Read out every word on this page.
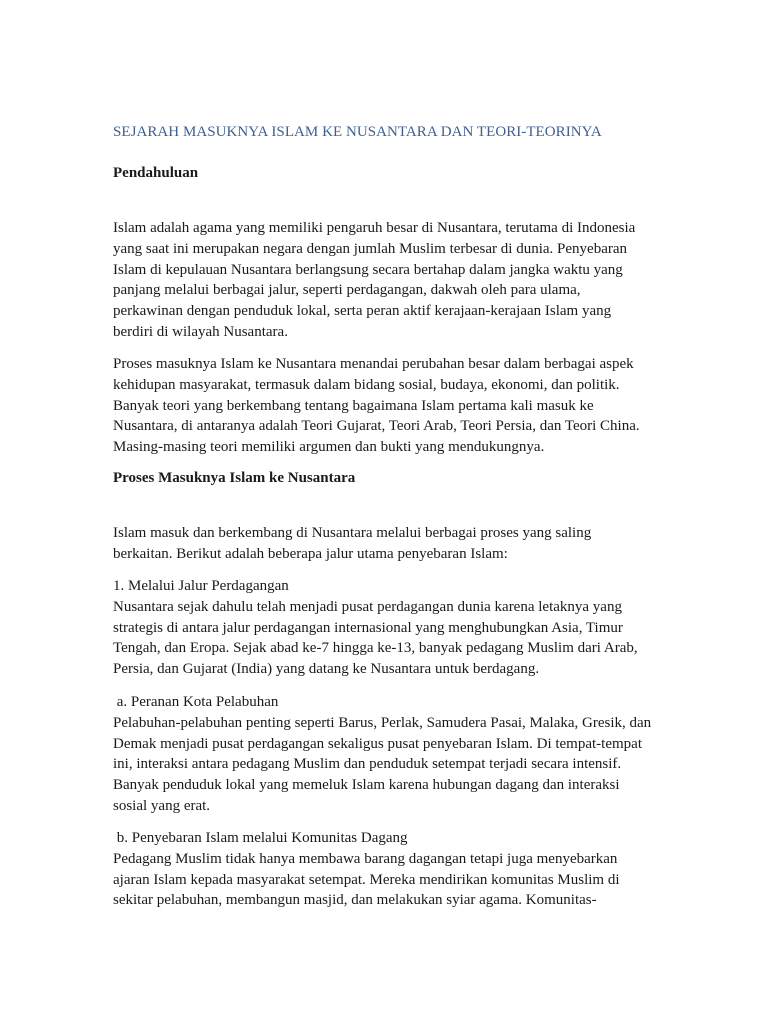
SEJARAH MASUKNYA ISLAM KE NUSANTARA DAN TEORI-TEORINYA
Pendahuluan
Islam adalah agama yang memiliki pengaruh besar di Nusantara, terutama di Indonesia
yang saat ini merupakan negara dengan jumlah Muslim terbesar di dunia. Penyebaran
Islam di kepulauan Nusantara berlangsung secara bertahap dalam jangka waktu yang
panjang melalui berbagai jalur, seperti perdagangan, dakwah oleh para ulama,
perkawinan dengan penduduk lokal, serta peran aktif kerajaan-kerajaan Islam yang
berdiri di wilayah Nusantara.
Proses masuknya Islam ke Nusantara menandai perubahan besar dalam berbagai aspek
kehidupan masyarakat, termasuk dalam bidang sosial, budaya, ekonomi, dan politik.
Banyak teori yang berkembang tentang bagaimana Islam pertama kali masuk ke
Nusantara, di antaranya adalah Teori Gujarat, Teori Arab, Teori Persia, dan Teori China.
Masing-masing teori memiliki argumen dan bukti yang mendukungnya.
Proses Masuknya Islam ke Nusantara
Islam masuk dan berkembang di Nusantara melalui berbagai proses yang saling
berkaitan. Berikut adalah beberapa jalur utama penyebaran Islam:
1. Melalui Jalur Perdagangan
Nusantara sejak dahulu telah menjadi pusat perdagangan dunia karena letaknya yang
strategis di antara jalur perdagangan internasional yang menghubungkan Asia, Timur
Tengah, dan Eropa. Sejak abad ke-7 hingga ke-13, banyak pedagang Muslim dari Arab,
Persia, dan Gujarat (India) yang datang ke Nusantara untuk berdagang.
a. Peranan Kota Pelabuhan
Pelabuhan-pelabuhan penting seperti Barus, Perlak, Samudera Pasai, Malaka, Gresik, dan
Demak menjadi pusat perdagangan sekaligus pusat penyebaran Islam. Di tempat-tempat
ini, interaksi antara pedagang Muslim dan penduduk setempat terjadi secara intensif.
Banyak penduduk lokal yang memeluk Islam karena hubungan dagang dan interaksi
sosial yang erat.
b. Penyebaran Islam melalui Komunitas Dagang
Pedagang Muslim tidak hanya membawa barang dagangan tetapi juga menyebarkan
ajaran Islam kepada masyarakat setempat. Mereka mendirikan komunitas Muslim di
sekitar pelabuhan, membangun masjid, dan melakukan syiar agama. Komunitas-
